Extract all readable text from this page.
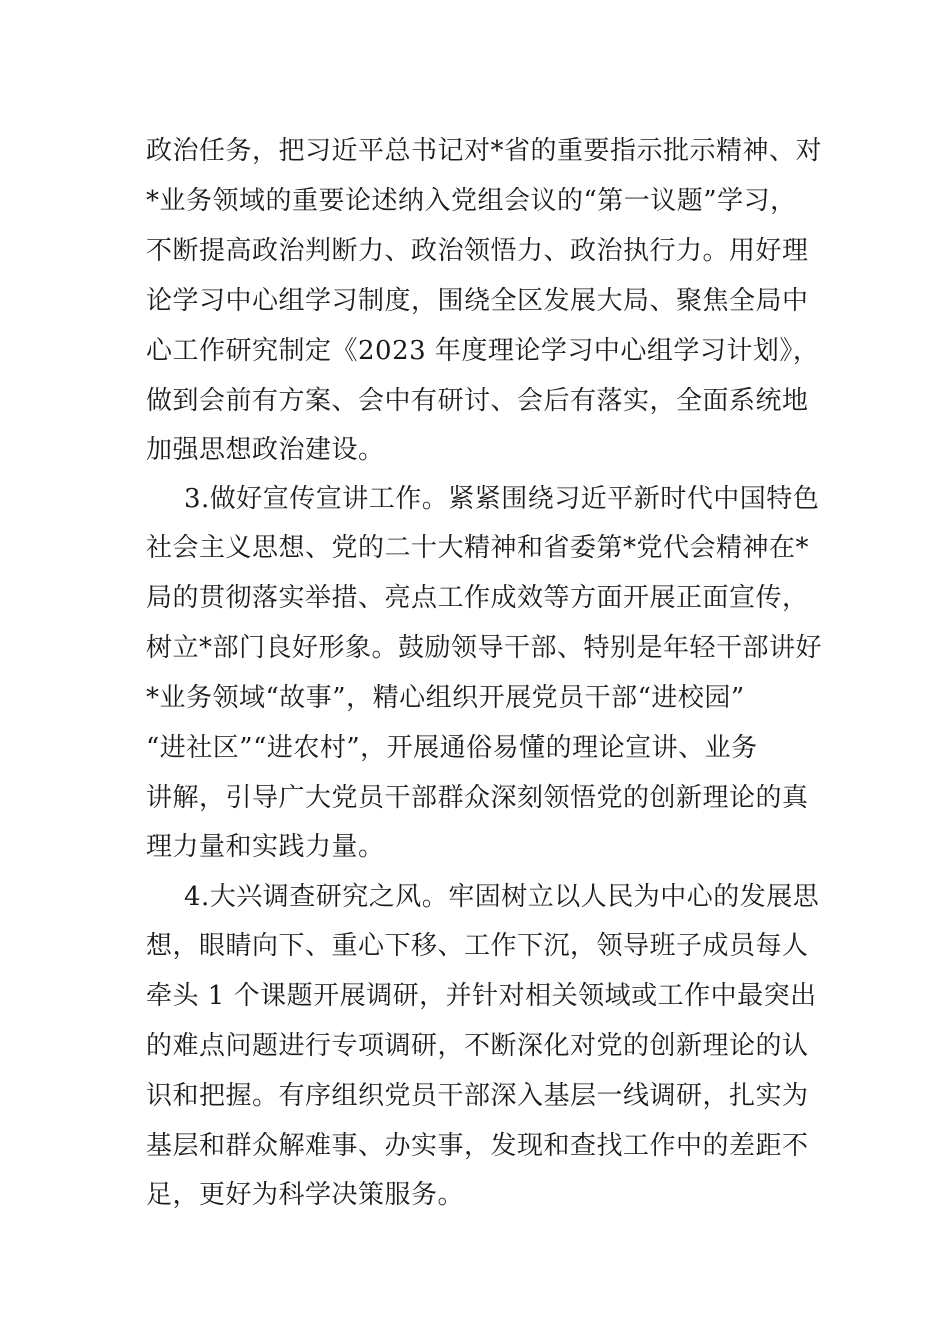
政治任务，把习近平总书记对*省的重要指示批示精神、对
*业务领域的重要论述纳入党组会议的“第一议题”学习，
不断提高政治判断力、政治领悟力、政治执行力。用好理
论学习中心组学习制度，围绕全区发展大局、聚焦全局中
心工作研究制定《2023 年度理论学习中心组学习计划》，
做到会前有方案、会中有研讨、会后有落实，全面系统地
加强思想政治建设。
3.做好宣传宣讲工作。紧紧围绕习近平新时代中国特色
社会主义思想、党的二十大精神和省委第*党代会精神在*
局的贯彻落实举措、亮点工作成效等方面开展正面宣传，
树立*部门良好形象。鼓励领导干部、特别是年轻干部讲好
*业务领域“故事”，精心组织开展党员干部“进校园”
“进社区”“进农村”，开展通俗易懂的理论宣讲、业务
讲解，引导广大党员干部群众深刻领悟党的创新理论的真
理力量和实践力量。
4.大兴调查研究之风。牢固树立以人民为中心的发展思
想，眼睛向下、重心下移、工作下沉，领导班子成员每人
牵头 1 个课题开展调研，并针对相关领域或工作中最突出
的难点问题进行专项调研，不断深化对党的创新理论的认
识和把握。有序组织党员干部深入基层一线调研，扎实为
基层和群众解难事、办实事，发现和查找工作中的差距不
足，更好为科学决策服务。
